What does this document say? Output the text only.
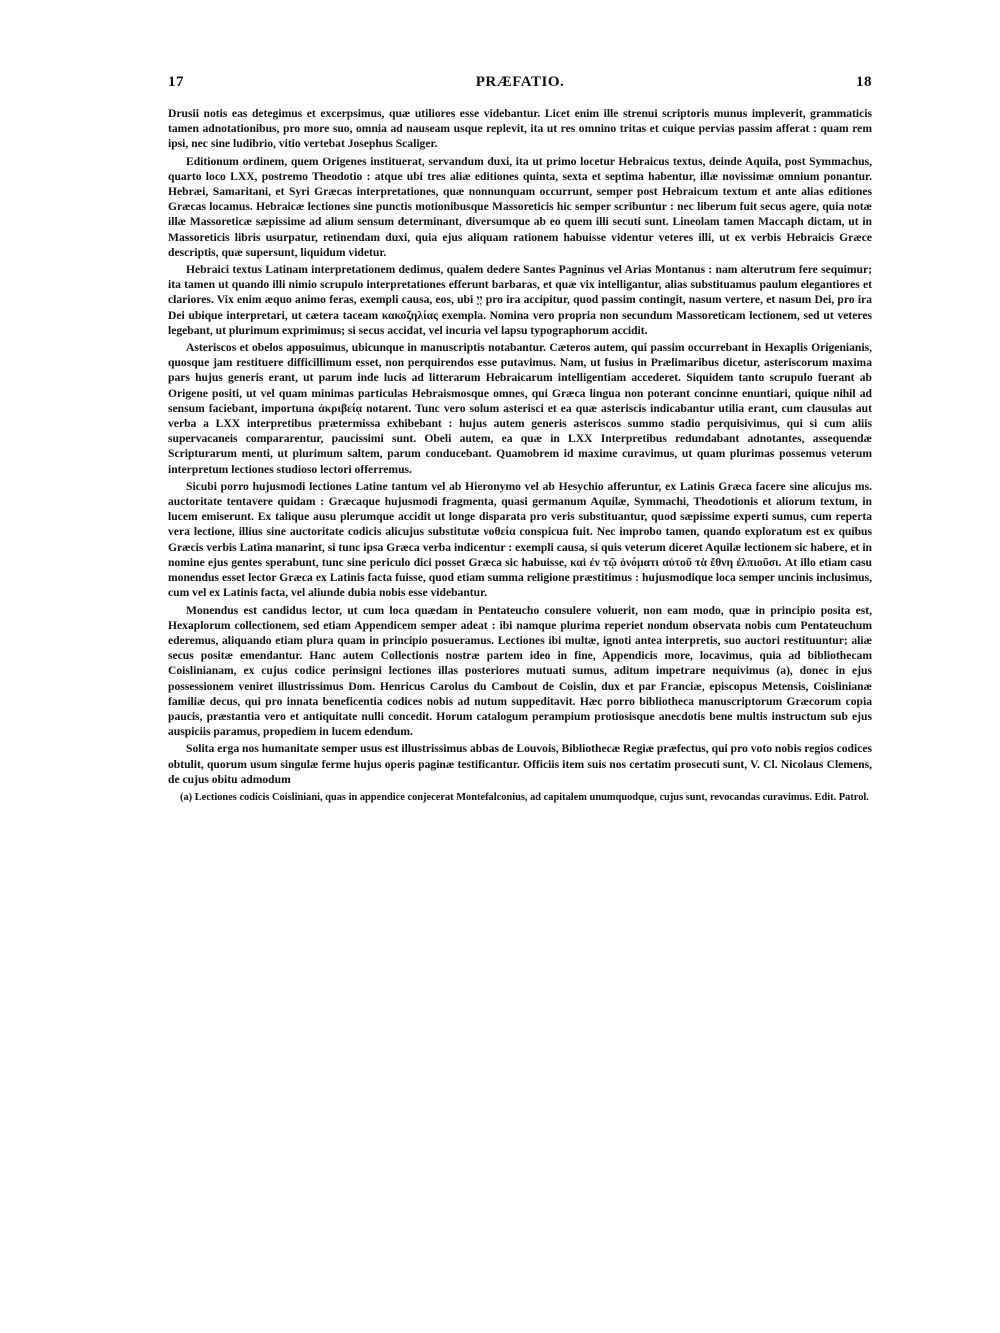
17	PRÆFATIO.	18

Drusii notis eas detegimus et excerpsimus, quæ utiliores esse videbantur. Licet enim ille strenui scriptoris munus impleverit, grammaticis tamen adnotationibus, pro more suo, omnia ad nauseam usque replevit, ita ut res omnino tritas et cuique pervias passim afferat : quam rem ipsi, nec sine ludibrio, vitio vertebat Josephus Scaliger.

Editionum ordinem, quem Origenes instituerat, servandum duxi, ita ut primo locetur Hebraicus textus, deinde Aquila, post Symmachus, quarto loco LXX, postremo Theodotio : atque ubi tres aliæ editiones quinta, sexta et septima habentur, illæ novissimæ omnium ponantur. Hebræi, Samaritani, et Syri Græcas interpretationes, quæ nonnunquam occurrunt, semper post Hebraicum textum et ante alias editiones Græcas locamus. Hebraicæ lectiones sine punctis motionibusque Massoreticis hic semper scribuntur : nec liberum fuit secus agere, quia notæ illæ Massoreticæ sæpissime ad alium sensum determinant, diversumque ab eo quem illi secuti sunt. Lineolam tamen Maccaph dictam, ut in Massoreticis libris usurpatur, retinendam duxi, quia ejus aliquam rationem habuisse videntur veteres illi, ut ex verbis Hebraicis Græce descriptis, quæ supersunt, liquidum videtur.

Hebraici textus Latinam interpretationem dedimus, qualem dedere Santes Pagninus vel Arias Montanus : nam alterutrum fere sequimur; ita tamen ut quando illi nimio scrupulo interpretationes efferunt barbaras, et quæ vix intelligantur, alias substituamus paulum elegantiores et clariores. Vix enim æquo animo feras, exempli causa, eos, ubi יְיָ pro ira accipitur, quod passim contingit, nasum vertere, et nasum Dei, pro ira Dei ubique interpretari, ut cætera taceam κακοζηλίας exempla. Nomina vero propria non secundum Massoreticam lectionem, sed ut veteres legebant, ut plurimum exprimimus; si secus accidat, vel incuria vel lapsu typographorum accidit.

Asteriscos et obelos apposuimus, ubicunque in manuscriptis notabantur. Cæteros autem, qui passim occurrebant in Hexaplis Origenianis, quosque jam restituere difficillimum esset, non perquirendos esse putavimus. Nam, ut fusius in Prælimaribus dicetur, asteriscorum maxima pars hujus generis erant, ut parum inde lucis ad litterarum Hebraicarum intelligentiam accederet. Siquidem tanto scrupulo fuerant ab Origene positi, ut vel quam minimas particulas Hebraismosque omnes, qui Græca lingua non poterant concinne enuntiari, quique nihil ad sensum faciebant, importuna ἀκριβείᾳ notarent. Tunc vero solum asterisci et ea quæ asteriscis indicabantur utilia erant, cum clausulas aut verba a LXX interpretibus prætermissa exhibebant : hujus autem generis asteriscos summo stadio perquisivimus, qui si cum aliis supervacaneis compararentur, paucissimi sunt. Obeli autem, ea quæ in LXX Interpretibus redundabant adnotantes, assequendæ Scripturarum menti, ut plurimum saltem, parum conducebant. Quamobrem id maxime curavimus, ut quam plurimas possemus veterum interpretum lectiones studioso lectori offerremus.

Sicubi porro hujusmodi lectiones Latine tantum vel ab Hieronymo vel ab Hesychio afferuntur, ex Latinis Græca facere sine alicujus ms. auctoritate tentavere quidam : Græcaque hujusmodi fragmenta, quasi germanum Aquilæ, Symmachi, Theodotionis et aliorum textum, in lucem emiserunt. Ex talique ausu plerumque accidit ut longe disparata pro veris substituantur, quod sæpissime experti sumus, cum reperta vera lectione, illius sine auctoritate codicis alicujus substitutæ νοθεία conspicua fuit. Nec improbo tamen, quando exploratum est ex quibus Græcis verbis Latina manarint, si tunc ipsa Græca verba indicentur : exempli causa, si quis veterum diceret Aquilæ lectionem sic habere, et in nomine ejus gentes sperabunt, tunc sine periculo dici posset Græca sic habuisse, καὶ ἐν τῷ ὀνόματι αὐτοῦ τὰ ἔθνη ἐλπιοῦσι. At illo etiam casu monendus esset lector Græca ex Latinis facta fuisse, quod etiam summa religione præstitimus : hujusmodique loca semper uncinis inclusimus, cum vel ex Latinis facta, vel aliunde dubia nobis esse videbantur.

Monendus est candidus lector, ut cum loca quædam in Pentateucho consulere voluerit, non eam modo, quæ in principio posita est, Hexaplorum collectionem, sed etiam Appendicem semper adeat : ibi namque plurima reperiet nondum observata nobis cum Pentateuchum ederemus, aliquando etiam plura quam in principio posueramus. Lectiones ibi multæ, ignoti antea interpretis, suo auctori restituuntur; aliæ secus positæ emendantur. Hanc autem Collectionis nostræ partem ideo in fine, Appendicis more, locavimus, quia ad bibliothecam Coislinianam, ex cujus codice perinsigni lectiones illas posteriores mutuati sumus, aditum impetrare nequivimus (a), donec in ejus possessionem veniret illustrissimus Dom. Henricus Carolus du Cambout de Coislin, dux et par Franciæ, episcopus Metensis, Coislinianæ familiæ decus, qui pro innata beneficentia codices nobis ad nutum suppeditavit. Hæc porro bibliotheca manuscriptorum Græcorum copia paucis, præstantia vero et antiquitate nulli concedit. Horum catalogum perampium protiosisque anecdotis bene multis instructum sub ejus auspiciis paramus, propediem in lucem edendum.

Solita erga nos humanitate semper usus est illustrissimus abbas de Louvois, Bibliothecæ Regiæ præfectus, qui pro voto nobis regios codices obtulit, quorum usum singulæ ferme hujus operis paginæ testificantur. Officiis item suis nos certatim prosecuti sunt, V. Cl. Nicolaus Clemens, de cujus obitu admodum

(a) Lectiones codicis Coisliniani, quas in appendice conjecerat Montefalconius, ad capitalem unumquodque, cujus sunt, revocandas curavimus. Edit. Patrol.
